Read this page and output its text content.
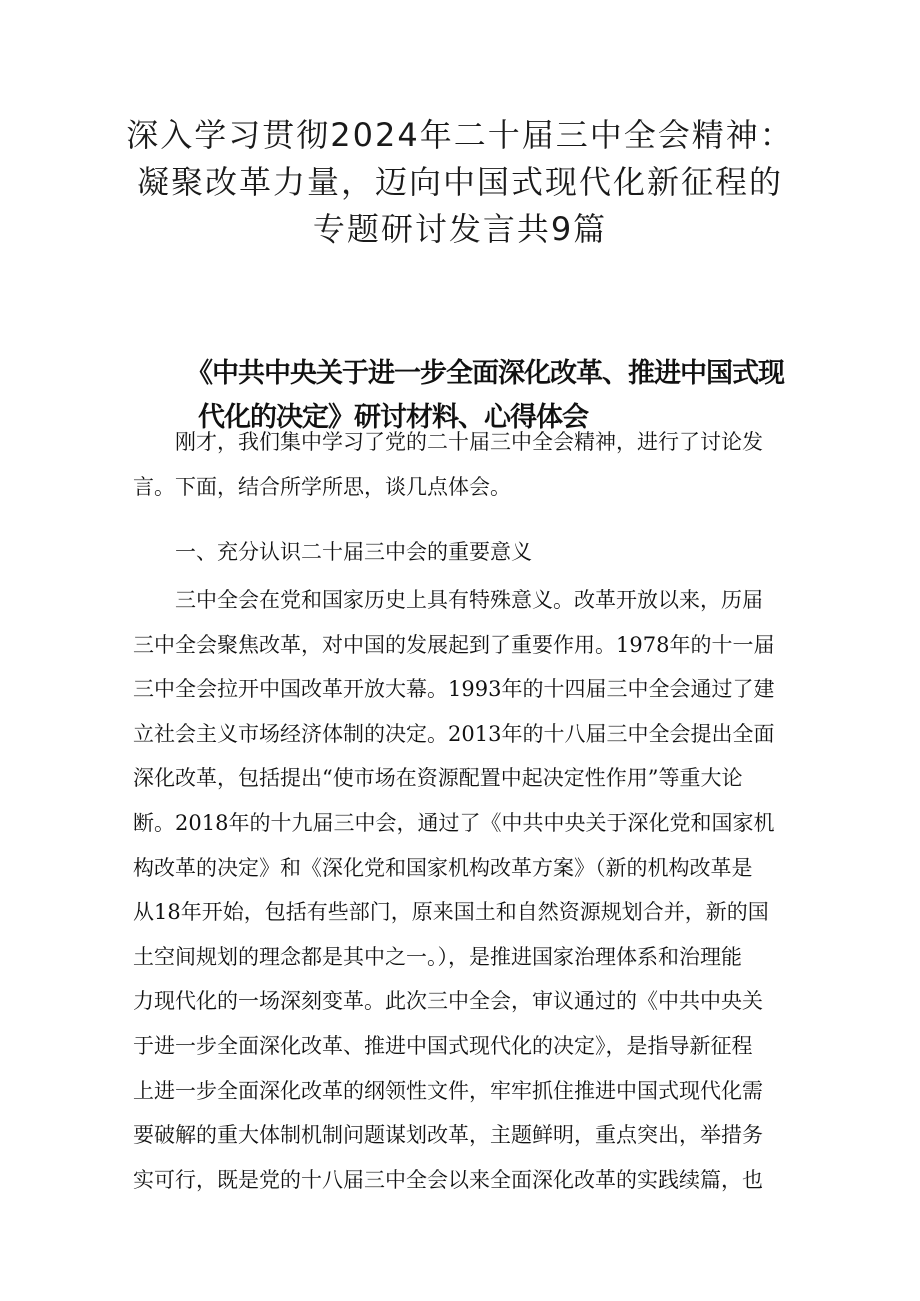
深入学习贯彻2024年二十届三中全会精神：
凝聚改革力量，迈向中国式现代化新征程的
专题研讨发言共9篇
《中共中央关于进一步全面深化改革、推进中国式现
代化的决定》研讨材料、心得体会
刚才，我们集中学习了党的二十届三中全会精神，进行了讨论发
言。下面，结合所学所思，谈几点体会。
一、充分认识二十届三中会的重要意义
三中全会在党和国家历史上具有特殊意义。改革开放以来，历届
三中全会聚焦改革，对中国的发展起到了重要作用。1978年的十一届
三中全会拉开中国改革开放大幕。1993年的十四届三中全会通过了建
立社会主义市场经济体制的决定。2013年的十八届三中全会提出全面
深化改革，包括提出“使市场在资源配置中起决定性作用”等重大论
断。2018年的十九届三中会，通过了《中共中央关于深化党和国家机
构改革的决定》和《深化党和国家机构改革方案》（新的机构改革是
从18年开始，包括有些部门，原来国土和自然资源规划合并，新的国
土空间规划的理念都是其中之一。），是推进国家治理体系和治理能
力现代化的一场深刻变革。此次三中全会，审议通过的《中共中央关
于进一步全面深化改革、推进中国式现代化的决定》，是指导新征程
上进一步全面深化改革的纲领性文件，牢牢抓住推进中国式现代化需
要破解的重大体制机制问题谋划改革，主题鲜明，重点突出，举措务
实可行，既是党的十八届三中全会以来全面深化改革的实践续篇，也
